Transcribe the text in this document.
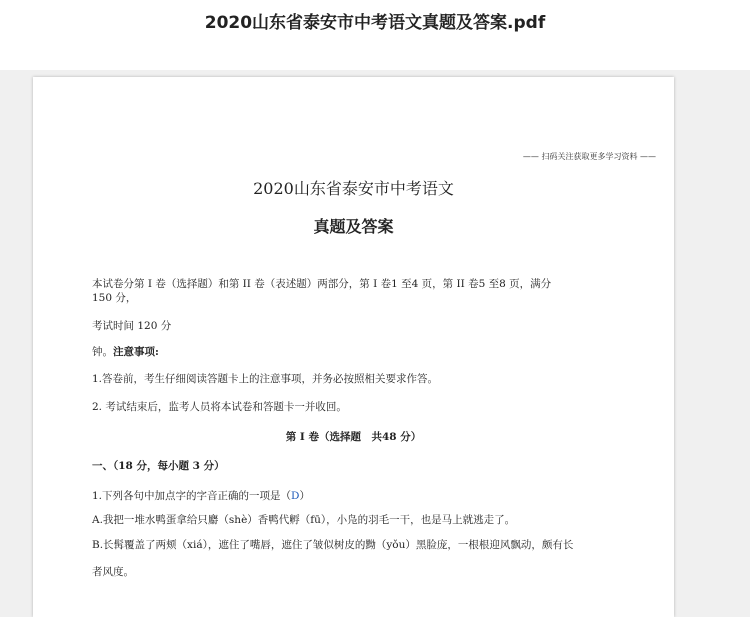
2020山东省泰安市中考语文真题及答案.pdf
—— 扫码关注获取更多学习资料 ——
2020山东省泰安市中考语文
真题及答案
本试卷分第 I 卷（选择题）和第 II 卷（表述题）两部分，第 I 卷1 至4 页，第 II 卷5 至8 页，满分
150 分，
考试时间 120 分
钟。注意事项:
1.答卷前，考生仔细阅读答题卡上的注意事项，并务必按照相关要求作答。
2. 考试结束后，监考人员将本试卷和答题卡一并收回。
第 I 卷（选择题　共48 分）
一、（18 分，每小题 3 分）
1.下列各句中加点字的字音正确的一项是（D）
A.我把一堆水鸭蛋拿给只麝（shè）香鸭代孵（fū），小凫的羽毛一干，也是马上就逃走了。
B.长髯覆盖了两颊（xiá），遮住了嘴唇，遮住了皱似树皮的黝（yǒu）黑脸庞，一根根迎风飘动，颇有长
者风度。
